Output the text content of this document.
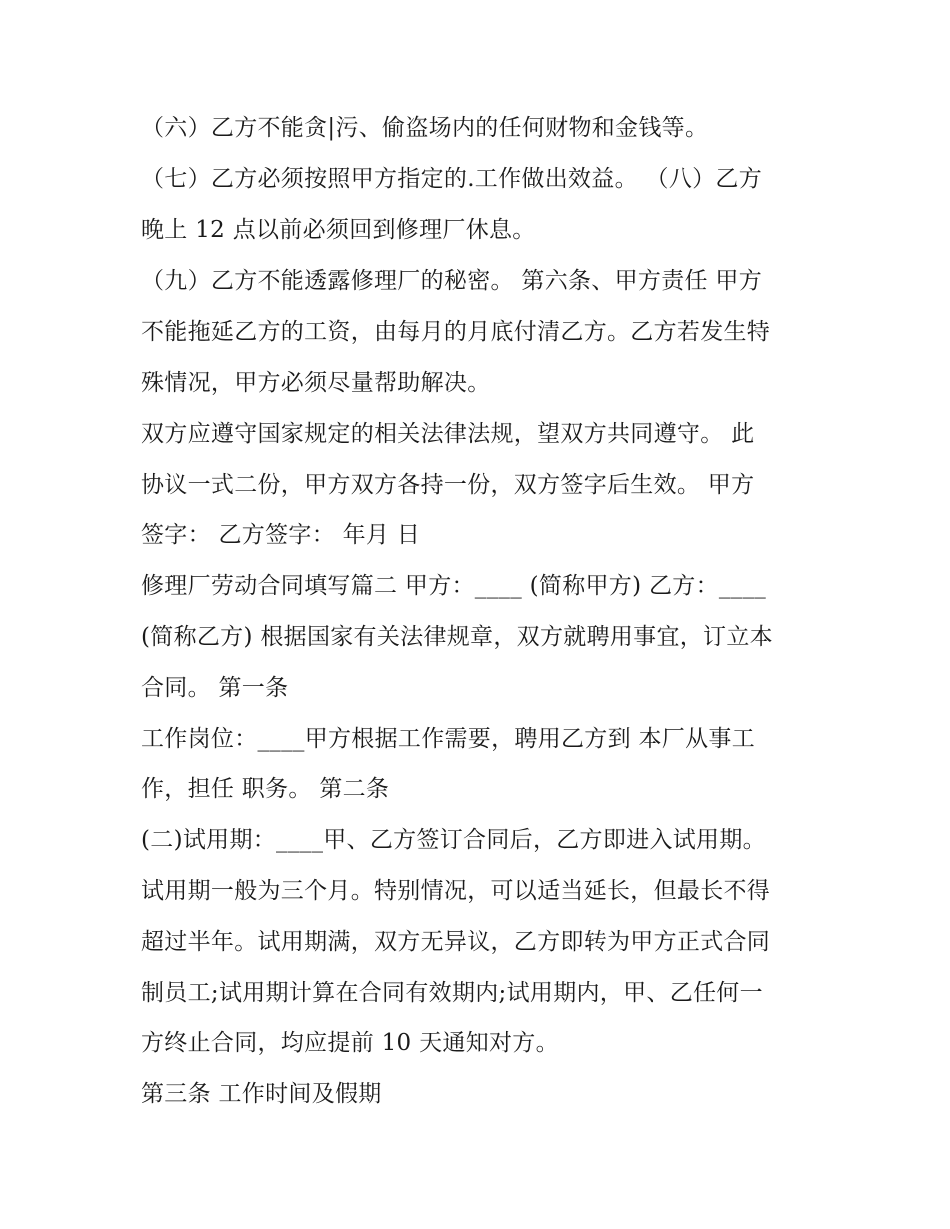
（六）乙方不能贪|污、偷盗场内的任何财物和金钱等。
（七）乙方必须按照甲方指定的.工作做出效益。 （八）乙方
晚上 12 点以前必须回到修理厂休息。
（九）乙方不能透露修理厂的秘密。 第六条、甲方责任 甲方
不能拖延乙方的工资，由每月的月底付清乙方。乙方若发生特
殊情况，甲方必须尽量帮助解决。
双方应遵守国家规定的相关法律法规，望双方共同遵守。 此
协议一式二份，甲方双方各持一份，双方签字后生效。 甲方
签字： 乙方签字： 年月 日
修理厂劳动合同填写篇二 甲方：____ (简称甲方) 乙方：____
(简称乙方) 根据国家有关法律规章，双方就聘用事宜，订立本
合同。 第一条
工作岗位：____甲方根据工作需要，聘用乙方到 本厂从事工
作，担任 职务。 第二条
(二)试用期：____甲、乙方签订合同后，乙方即进入试用期。
试用期一般为三个月。特别情况，可以适当延长，但最长不得
超过半年。试用期满，双方无异议，乙方即转为甲方正式合同
制员工;试用期计算在合同有效期内;试用期内，甲、乙任何一
方终止合同，均应提前 10 天通知对方。
第三条 工作时间及假期
